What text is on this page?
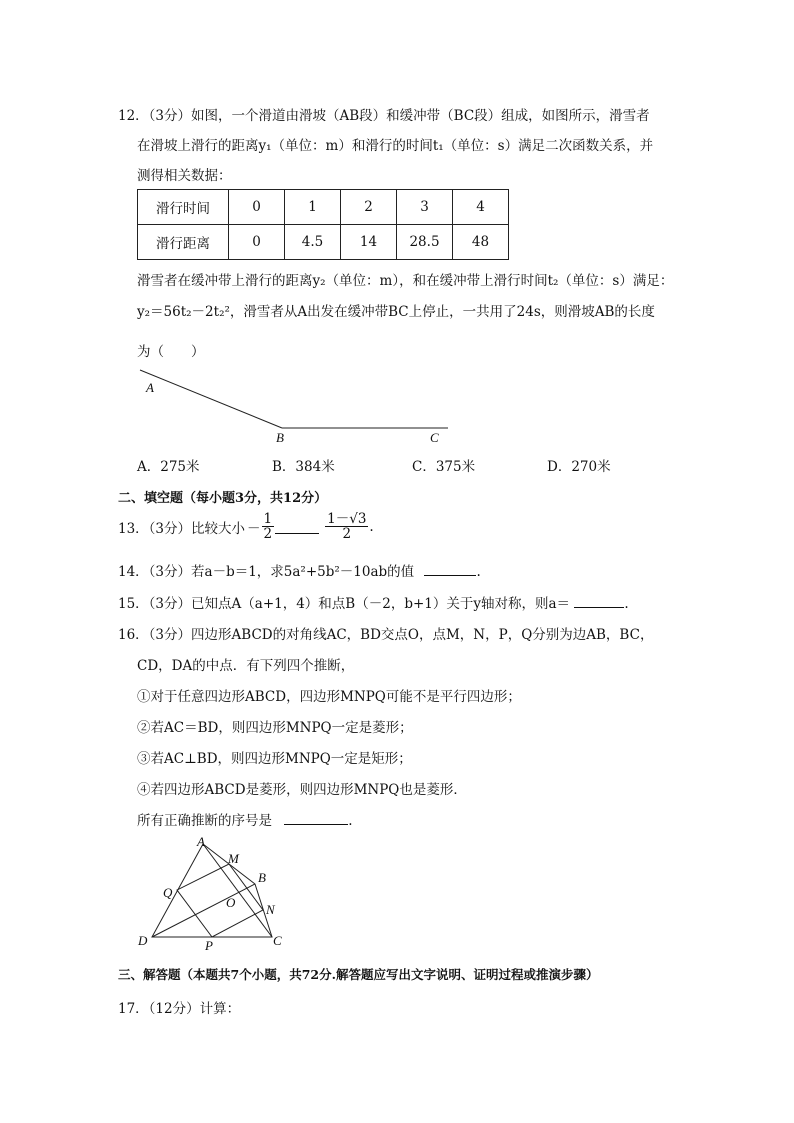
12．（3分）如图，一个滑道由滑坡（AB段）和缓冲带（BC段）组成，如图所示，滑雪者
在滑坡上滑行的距离y₁（单位：m）和滑行的时间t₁（单位：s）满足二次函数关系，并
测得相关数据：
滑行时间	0	1	2	3	4
滑行距离	0	4.5	14	28.5	48
滑雪者在缓冲带上滑行的距离y₂（单位：m），和在缓冲带上滑行时间t₂（单位：s）满足：
y₂＝56t₂－2t₂²，滑雪者从A出发在缓冲带BC上停止，一共用了24s，则滑坡AB的长度
为（　　）
A
B	C
A．275米	B．384米	C．375米	D．270米
二、填空题（每小题3分，共12分）
13．（3分）比较大小 － $\frac{1}{2}$	$\frac{1-√3}{2}$ .
14．（3分）若a－b＝1，求5a²+5b²－10ab的值	.
15．（3分）已知点A（a+1，4）和点B（－2，b+1）关于y轴对称，则a＝	.
16．（3分）四边形ABCD的对角线AC，BD交点O，点M，N，P，Q分别为边AB，BC，
CD，DA的中点．有下列四个推断，
①对于任意四边形ABCD，四边形MNPQ可能不是平行四边形；
②若AC＝BD，则四边形MNPQ一定是菱形；
③若AC⊥BD，则四边形MNPQ一定是矩形；
④若四边形ABCD是菱形，则四边形MNPQ也是菱形．
所有正确推断的序号是	.
A
M
B
Q
O N
D	P	C
三、解答题（本题共7个小题，共72分.解答题应写出文字说明、证明过程或推演步骤）
17．（12分）计算：
